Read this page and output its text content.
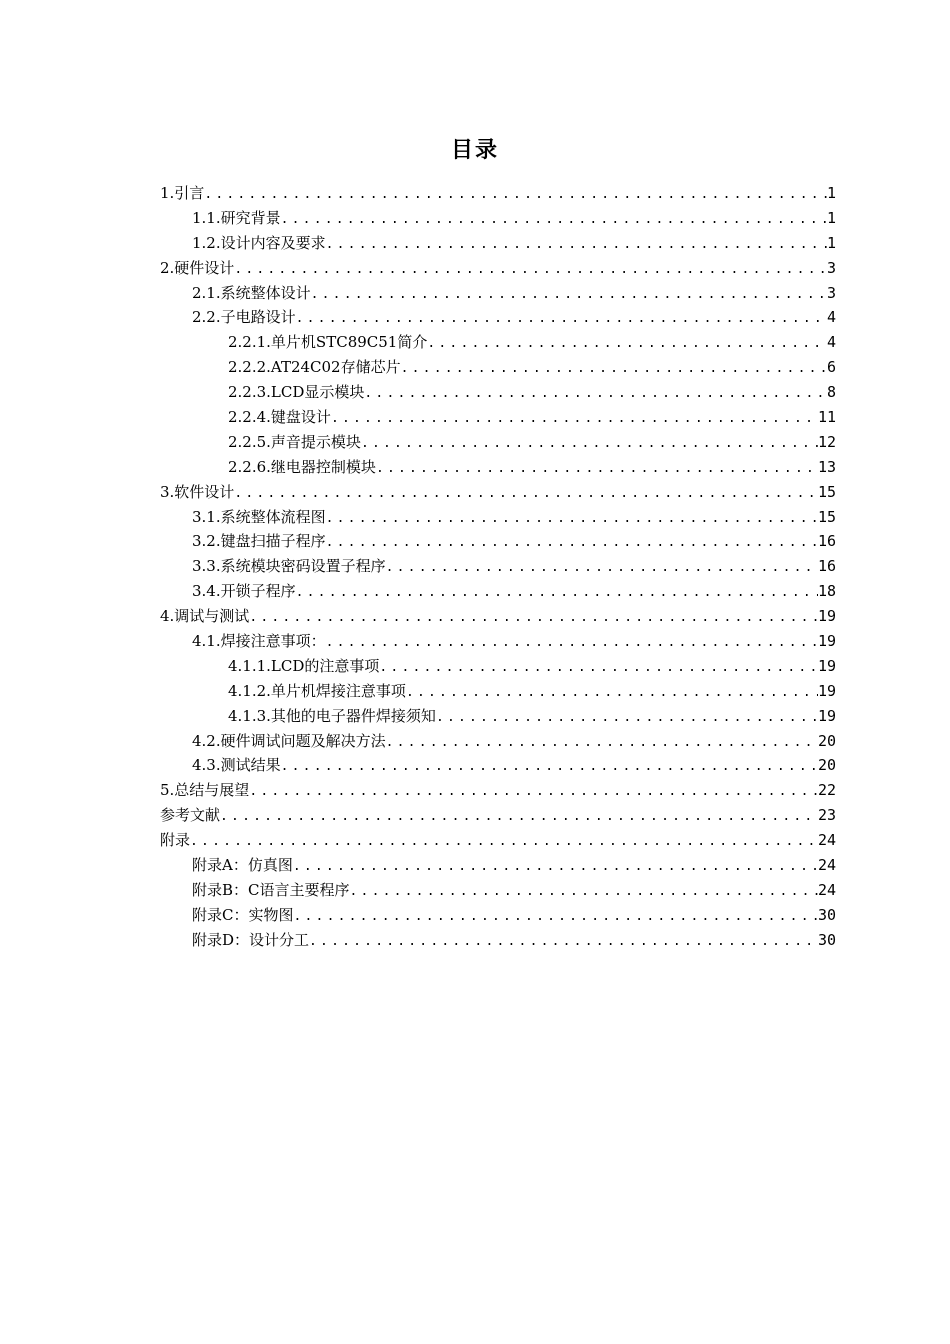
目录
1.引言 .....	1
1.1.研究背景 .....	1
1.2.设计内容及要求 .....	1
2.硬件设计 .....	3
2.1.系统整体设计 .....	3
2.2.子电路设计 .....	4
2.2.1.单片机STC89C51简介 .....	4
2.2.2.AT24C02存储芯片 .....	6
2.2.3.LCD显示模块 .....	8
2.2.4.键盘设计 .....	11
2.2.5.声音提示模块 .....	12
2.2.6.继电器控制模块 .....	13
3.软件设计 .....	15
3.1.系统整体流程图 .....	15
3.2.键盘扫描子程序 .....	16
3.3.系统模块密码设置子程序 .....	16
3.4.开锁子程序 .....	18
4.调试与测试 .....	19
4.1.焊接注意事项： .....	19
4.1.1.LCD的注意事项 .....	19
4.1.2.单片机焊接注意事项 .....	19
4.1.3.其他的电子器件焊接须知 .....	19
4.2.硬件调试问题及解决方法 .....	20
4.3.测试结果 .....	20
5.总结与展望 .....	22
参考文献 .....	23
附录 .....	24
附录A：仿真图 .....	24
附录B：C语言主要程序 .....	24
附录C：实物图 .....	30
附录D：设计分工 .....	30
